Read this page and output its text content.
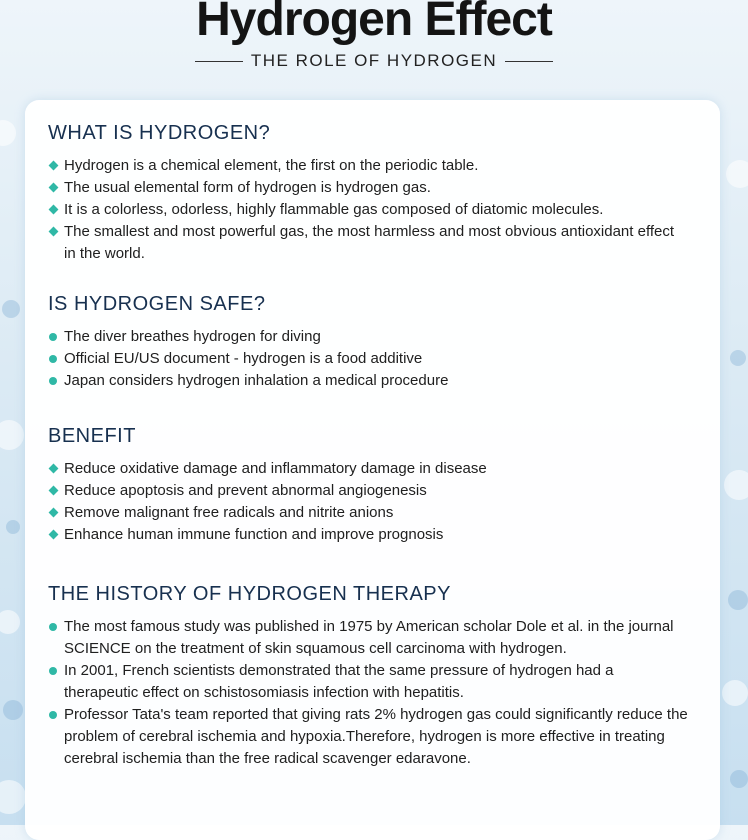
Hydrogen Effect
THE ROLE OF HYDROGEN
WHAT IS HYDROGEN?
Hydrogen is a chemical element, the first on the periodic table.
The usual elemental form of hydrogen is hydrogen gas.
It is a colorless, odorless, highly flammable gas composed of diatomic molecules.
The smallest and most powerful gas, the most harmless and most obvious antioxidant effect in the world.
IS HYDROGEN SAFE?
The diver breathes hydrogen for diving
Official EU/US document - hydrogen is a food additive
Japan considers hydrogen inhalation a medical procedure
BENEFIT
Reduce oxidative damage and inflammatory damage in disease
Reduce apoptosis and prevent abnormal angiogenesis
Remove malignant free radicals and nitrite anions
Enhance human immune function and improve prognosis
THE HISTORY OF HYDROGEN THERAPY
The most famous study was published in 1975 by American scholar Dole et al. in the journal SCIENCE on the treatment of skin squamous cell carcinoma with hydrogen.
In 2001, French scientists demonstrated that the same pressure of hydrogen had a therapeutic effect on schistosomiasis infection with hepatitis.
Professor Tata's team reported that giving rats 2% hydrogen gas could significantly reduce the problem of cerebral ischemia and hypoxia.Therefore, hydrogen is more effective in treating cerebral ischemia than the free radical scavenger edaravone.
